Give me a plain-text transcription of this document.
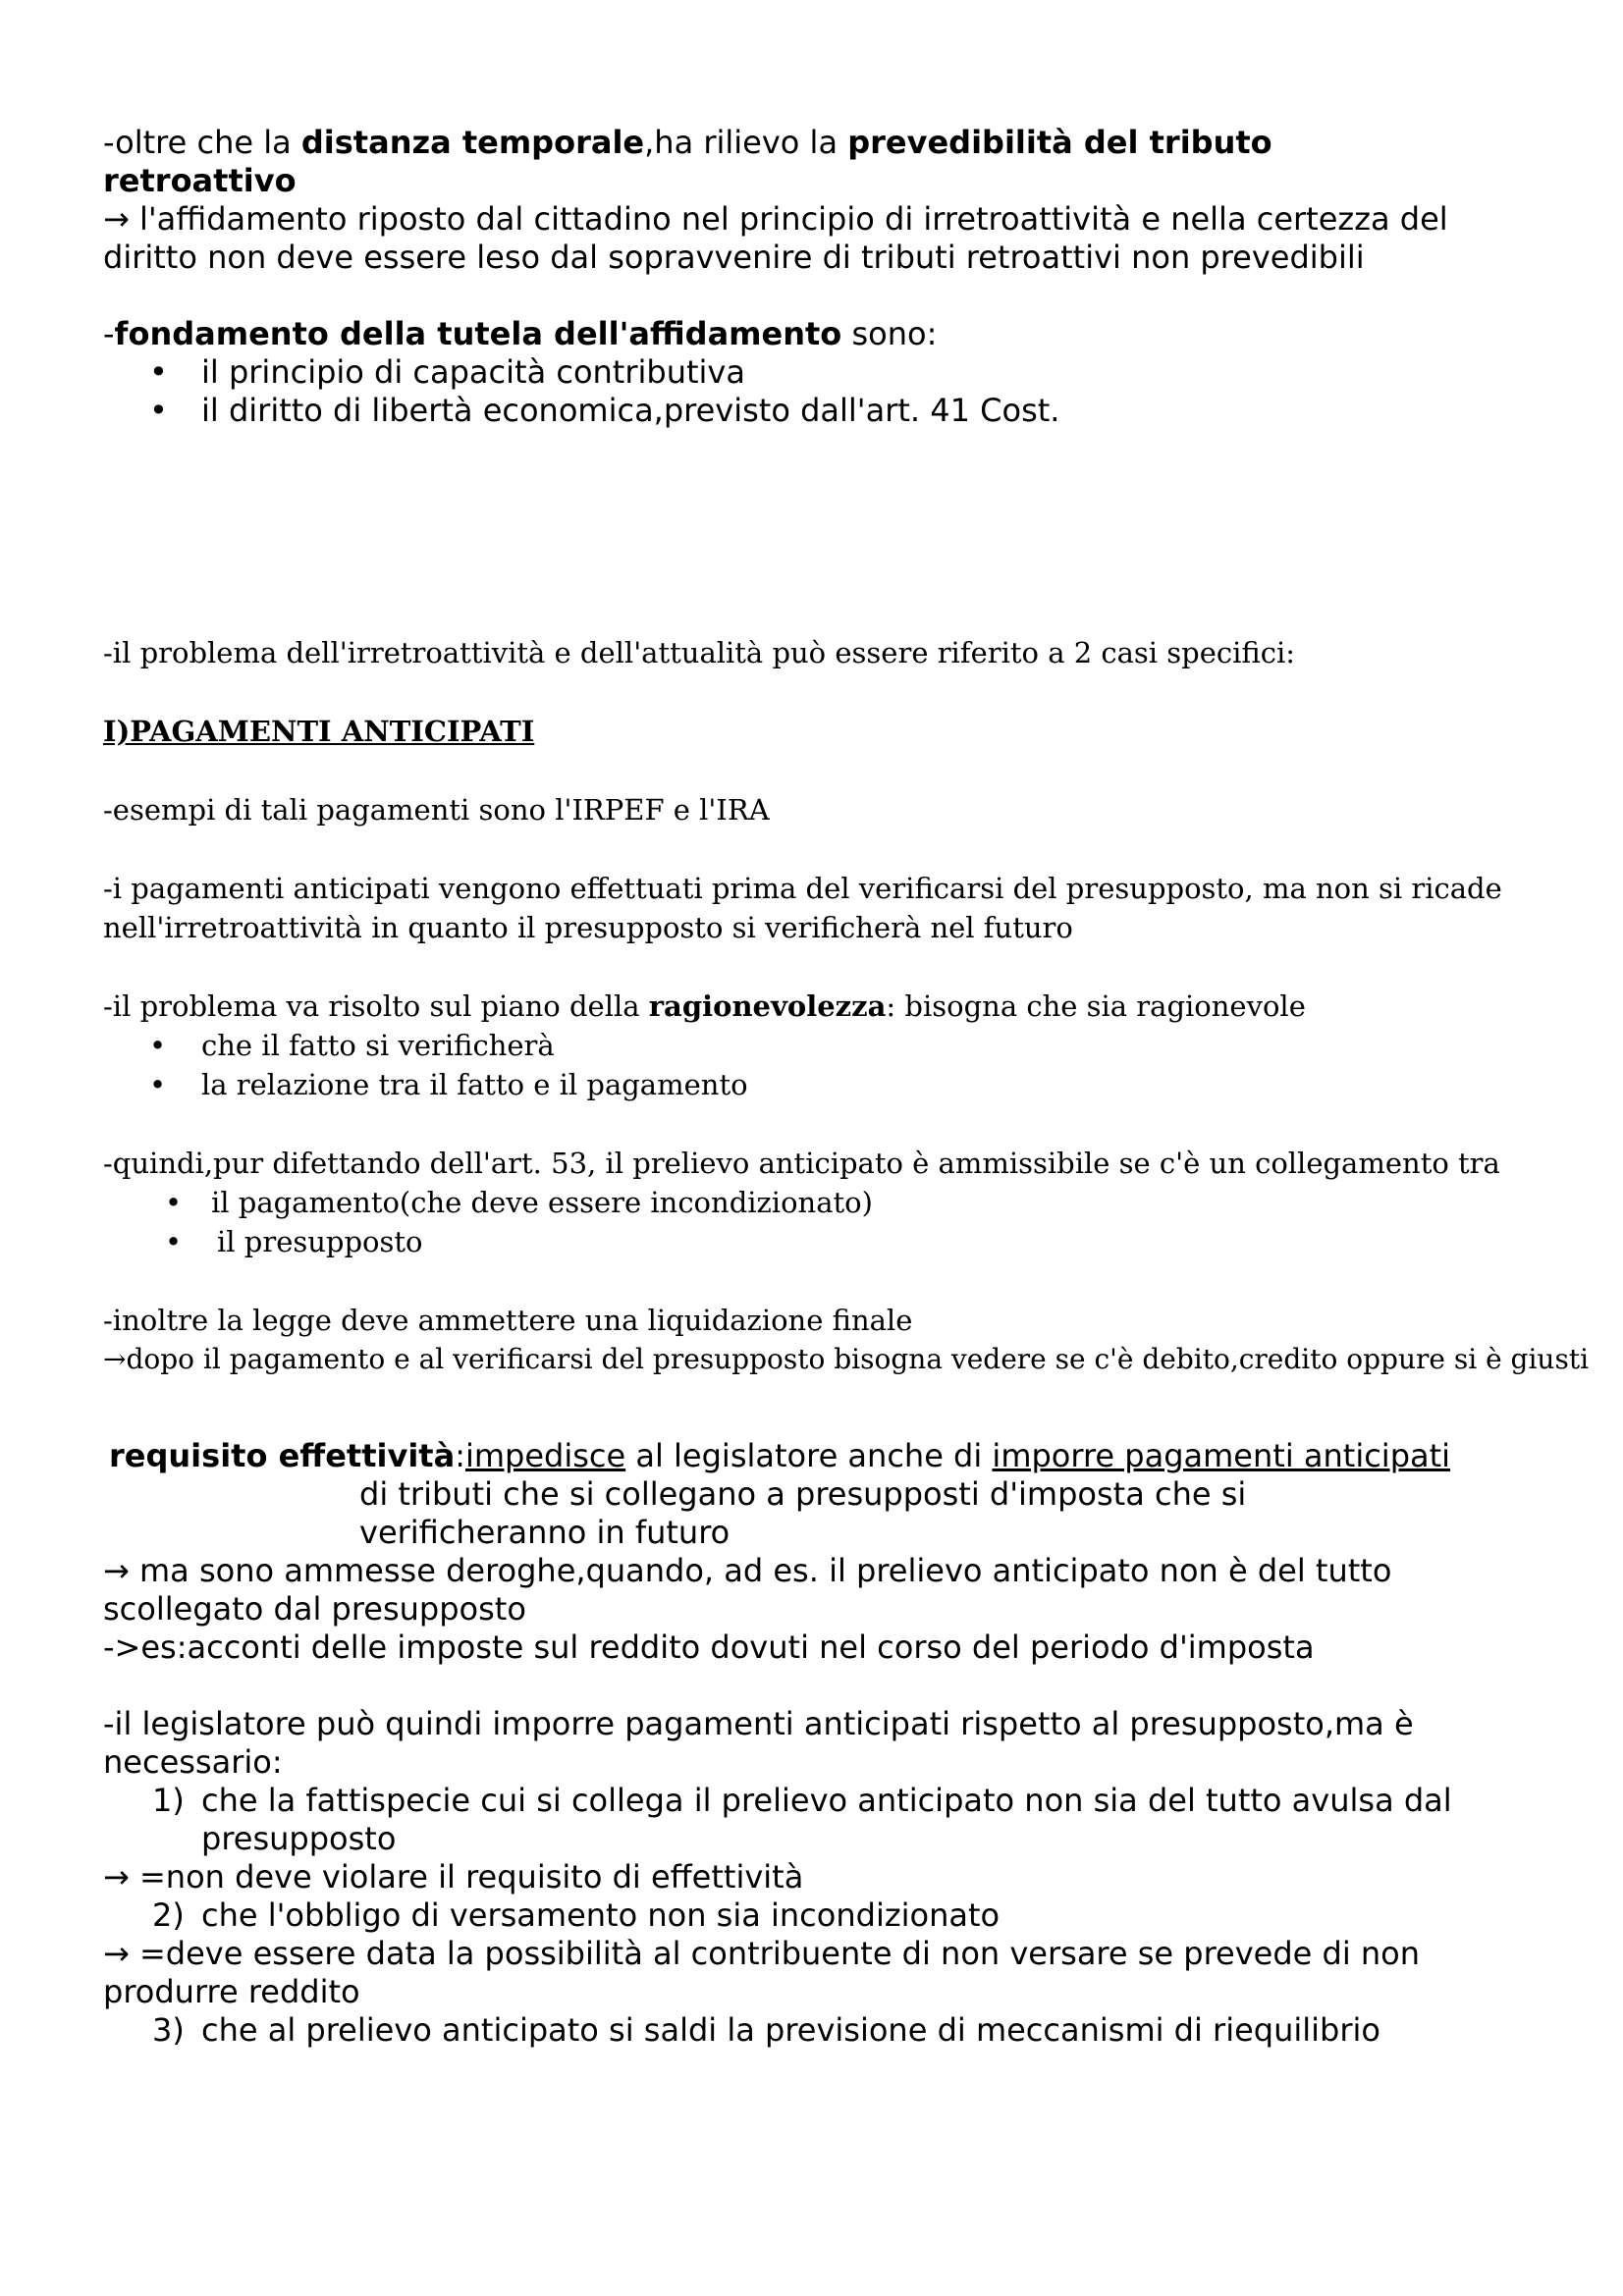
-oltre che la distanza temporale,ha rilievo la prevedibilità del tributo
retroattivo
→ l'affidamento riposto dal cittadino nel principio di irretroattività e nella certezza del
diritto non deve essere leso dal sopravvenire di tributi retroattivi non prevedibili
-fondamento della tutela dell'affidamento sono:
• il principio di capacità contributiva
• il diritto di libertà economica,previsto dall'art. 41 Cost.
-il problema dell'irretroattività e dell'attualità può essere riferito a 2 casi specifici:
I)PAGAMENTI ANTICIPATI
-esempi di tali pagamenti sono l'IRPEF e l'IRA
-i pagamenti anticipati vengono effettuati prima del verificarsi del presupposto, ma non si ricade
nell'irretroattività in quanto il presupposto si verificherà nel futuro
-il problema va risolto sul piano della ragionevolezza: bisogna che sia ragionevole
• che il fatto si verificherà
• la relazione tra il fatto e il pagamento
-quindi,pur difettando dell'art. 53, il prelievo anticipato è ammissibile se c'è un collegamento tra
• il pagamento(che deve essere incondizionato)
• il presupposto
-inoltre la legge deve ammettere una liquidazione finale
→dopo il pagamento e al verificarsi del presupposto bisogna vedere se c'è debito,credito oppure si è giusti
requisito effettività:impedisce al legislatore anche di imporre pagamenti anticipati
di tributi che si collegano a presupposti d'imposta che si
verificheranno in futuro
→ ma sono ammesse deroghe,quando, ad es. il prelievo anticipato non è del tutto
scollegato dal presupposto
->es:acconti delle imposte sul reddito dovuti nel corso del periodo d'imposta
-il legislatore può quindi imporre pagamenti anticipati rispetto al presupposto,ma è
necessario:
1) che la fattispecie cui si collega il prelievo anticipato non sia del tutto avulsa dal
presupposto
→ =non deve violare il requisito di effettività
2) che l'obbligo di versamento non sia incondizionato
→ =deve essere data la possibilità al contribuente di non versare se prevede di non
produrre reddito
3) che al prelievo anticipato si saldi la previsione di meccanismi di riequilibrio
